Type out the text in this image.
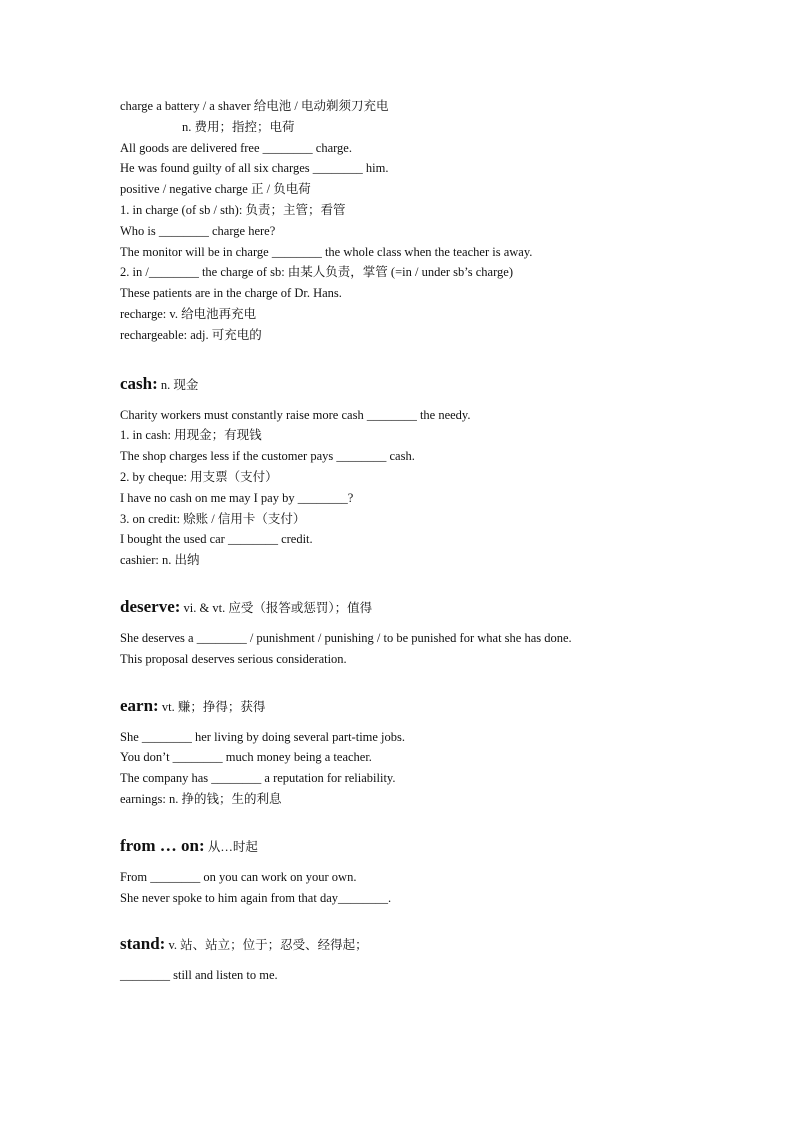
charge a battery / a shaver 给电池 / 电动剃须刀充电

n. 费用；指控；电荷

All goods are delivered free ________ charge.

He was found guilty of all six charges ________ him.

positive / negative charge 正 / 负电荷

1. in charge (of sb / sth): 负责；主管；看管

Who is ________ charge here?

The monitor will be in charge ________ the whole class when the teacher is away.

2. in /________ the charge of sb: 由某人负责，掌管 (=in / under sb’s charge)

These patients are in the charge of Dr. Hans.

recharge: v. 给电池再充电

rechargeable: adj. 可充电的

cash: n. 现金

Charity workers must constantly raise more cash ________ the needy.

1. in cash: 用现金；有现钱

The shop charges less if the customer pays ________ cash.

2. by cheque: 用支票（支付）

I have no cash on me may I pay by ________?

3. on credit: 赊账 / 信用卡（支付）

I bought the used car ________ credit.

cashier: n. 出纳

deserve: vi. & vt. 应受（报答或惩罚）；值得

She deserves a ________ / punishment / punishing / to be punished for what she has done.

This proposal deserves serious consideration.

earn: vt. 赚；挣得；获得

She ________ her living by doing several part-time jobs.

You don’t ________ much money being a teacher.

The company has ________ a reputation for reliability.

earnings: n. 挣的钱；生的利息

from … on: 从…时起

From ________ on you can work on your own.

She never spoke to him again from that day________.

stand: v. 站、站立；位于；忍受、经得起；

________ still and listen to me.
